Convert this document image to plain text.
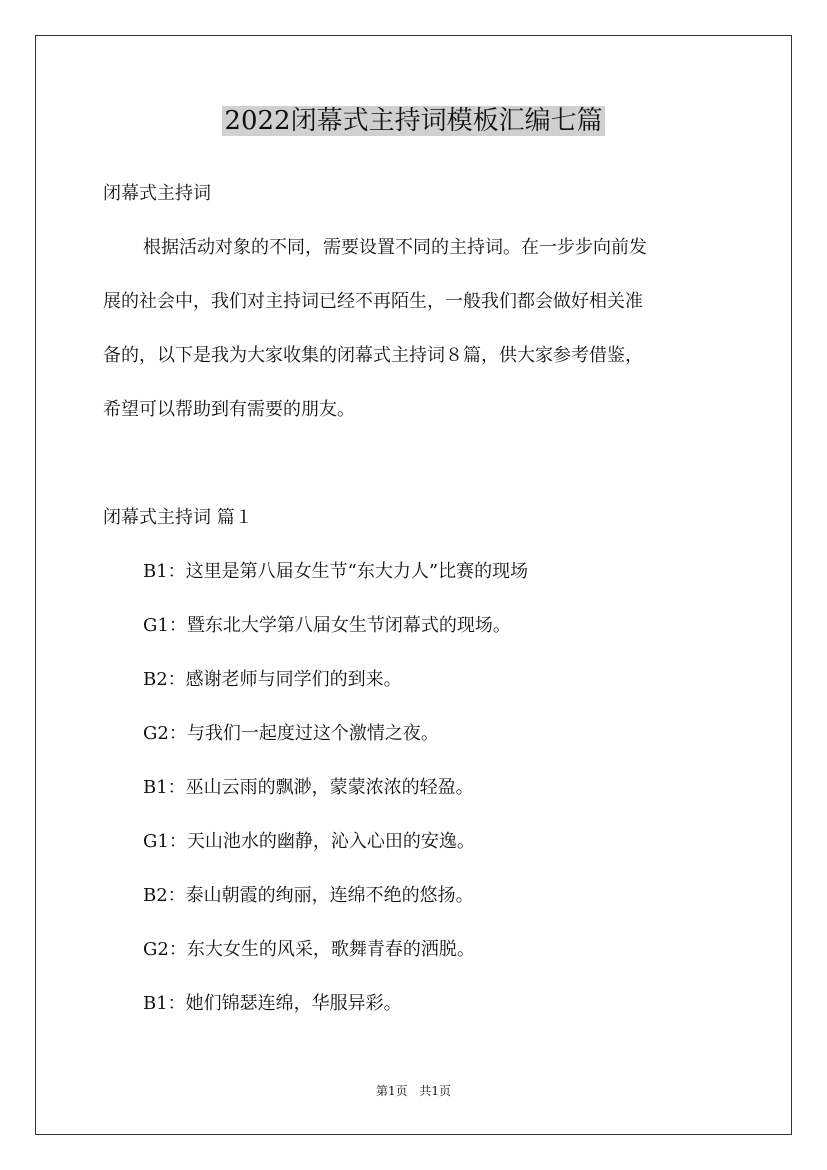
2022闭幕式主持词模板汇编七篇
闭幕式主持词
根据活动对象的不同，需要设置不同的主持词。在一步步向前发
展的社会中，我们对主持词已经不再陌生，一般我们都会做好相关准
备的，以下是我为大家收集的闭幕式主持词８篇，供大家参考借鉴，
希望可以帮助到有需要的朋友。
闭幕式主持词 篇１
B1：这里是第八届女生节“东大力人”比赛的现场
G1：暨东北大学第八届女生节闭幕式的现场。
B2：感谢老师与同学们的到来。
G2：与我们一起度过这个激情之夜。
B1：巫山云雨的飘渺，蒙蒙浓浓的轻盈。
G1：天山池水的幽静，沁入心田的安逸。
B2：泰山朝霞的绚丽，连绵不绝的悠扬。
G2：东大女生的风采，歌舞青春的洒脱。
B1：她们锦瑟连绵，华服异彩。
第1页 共1页
